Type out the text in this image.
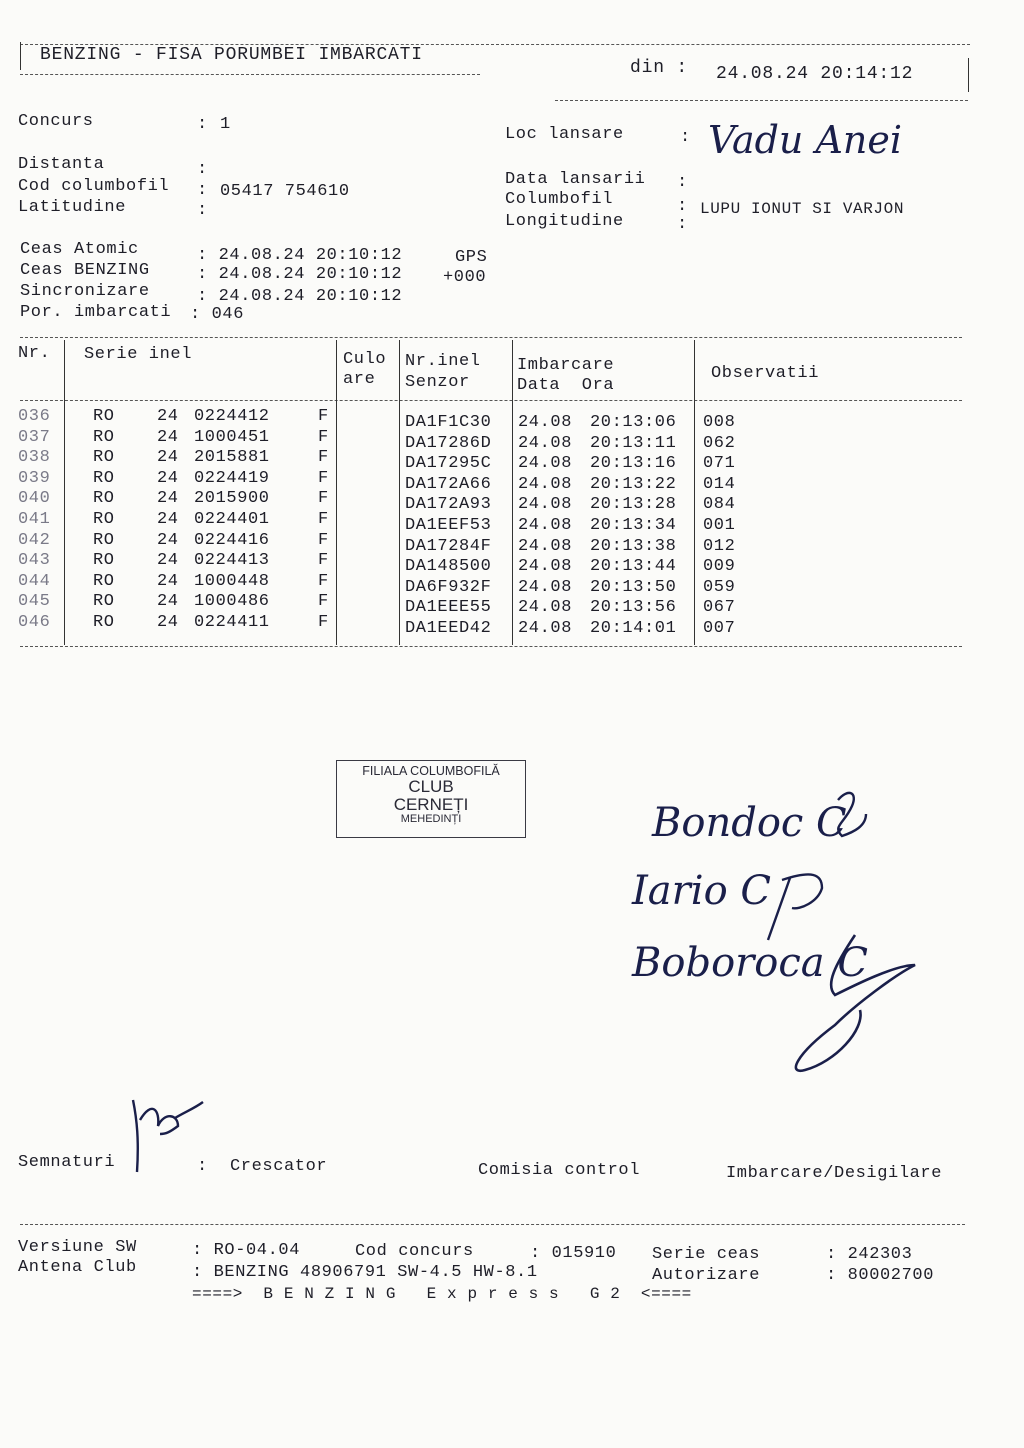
BENZING - FISA PORUMBEI IMBARCATI
din : 24.08.24 20:14:12
Concurs	: 1
Distanta	:
Cod columbofil : 05417 754610
Latitudine	:
Loc lansare	: Vadu Anei
Data lansarii :
Columbofil	: LUPU IONUT SI VARJON
Longitudine	:
Ceas Atomic	: 24.08.24 20:10:12	GPS
Ceas BENZING	: 24.08.24 20:10:12 +000
Sincronizare	: 24.08.24 20:10:12
Por. imbarcati : 046
Nr. Serie inel	Culo
are
Nr.inel
Senzor
Imbarcare
Data  Ora
Observatii
036	RO 24 0224412	F	DA1F1C30 24.08 20:13:06 008
037	RO 24 1000451	F	DA17286D 24.08 20:13:11 062
038	RO 24 2015881	F	DA17295C 24.08 20:13:16 071
039	RO 24 0224419	F	DA172A66 24.08 20:13:22 014
040	RO 24 2015900	F	DA172A93 24.08 20:13:28 084
041	RO 24 0224401	F	DA1EEF53 24.08 20:13:34 001
042	RO 24 0224416	F	DA17284F 24.08 20:13:38 012
043	RO 24 0224413	F	DA148500 24.08 20:13:44 009
044	RO 24 1000448	F	DA6F932F 24.08 20:13:50 059
045	RO 24 1000486	F	DA1EEE55 24.08 20:13:56 067
046	RO 24 0224411	F	DA1EED42 24.08 20:14:01 007
FILIALA COLUMBOFILĂ
CLUB
CERNEȚI
MEHEDINȚI	Bondoc C
Iario C
Boboroca C
Semnaturi	: Crescator	Comisia control	Imbarcare/Desigilare
Versiune SW	: RO-04.04	Cod concurs	: 015910 Serie ceas	: 242303
Antena Club	: BENZING 48906791 SW-4.5 HW-8.1	Autorizare	: 80002700
====>  B E N Z I N G   E x p r e s s   G 2  <====
